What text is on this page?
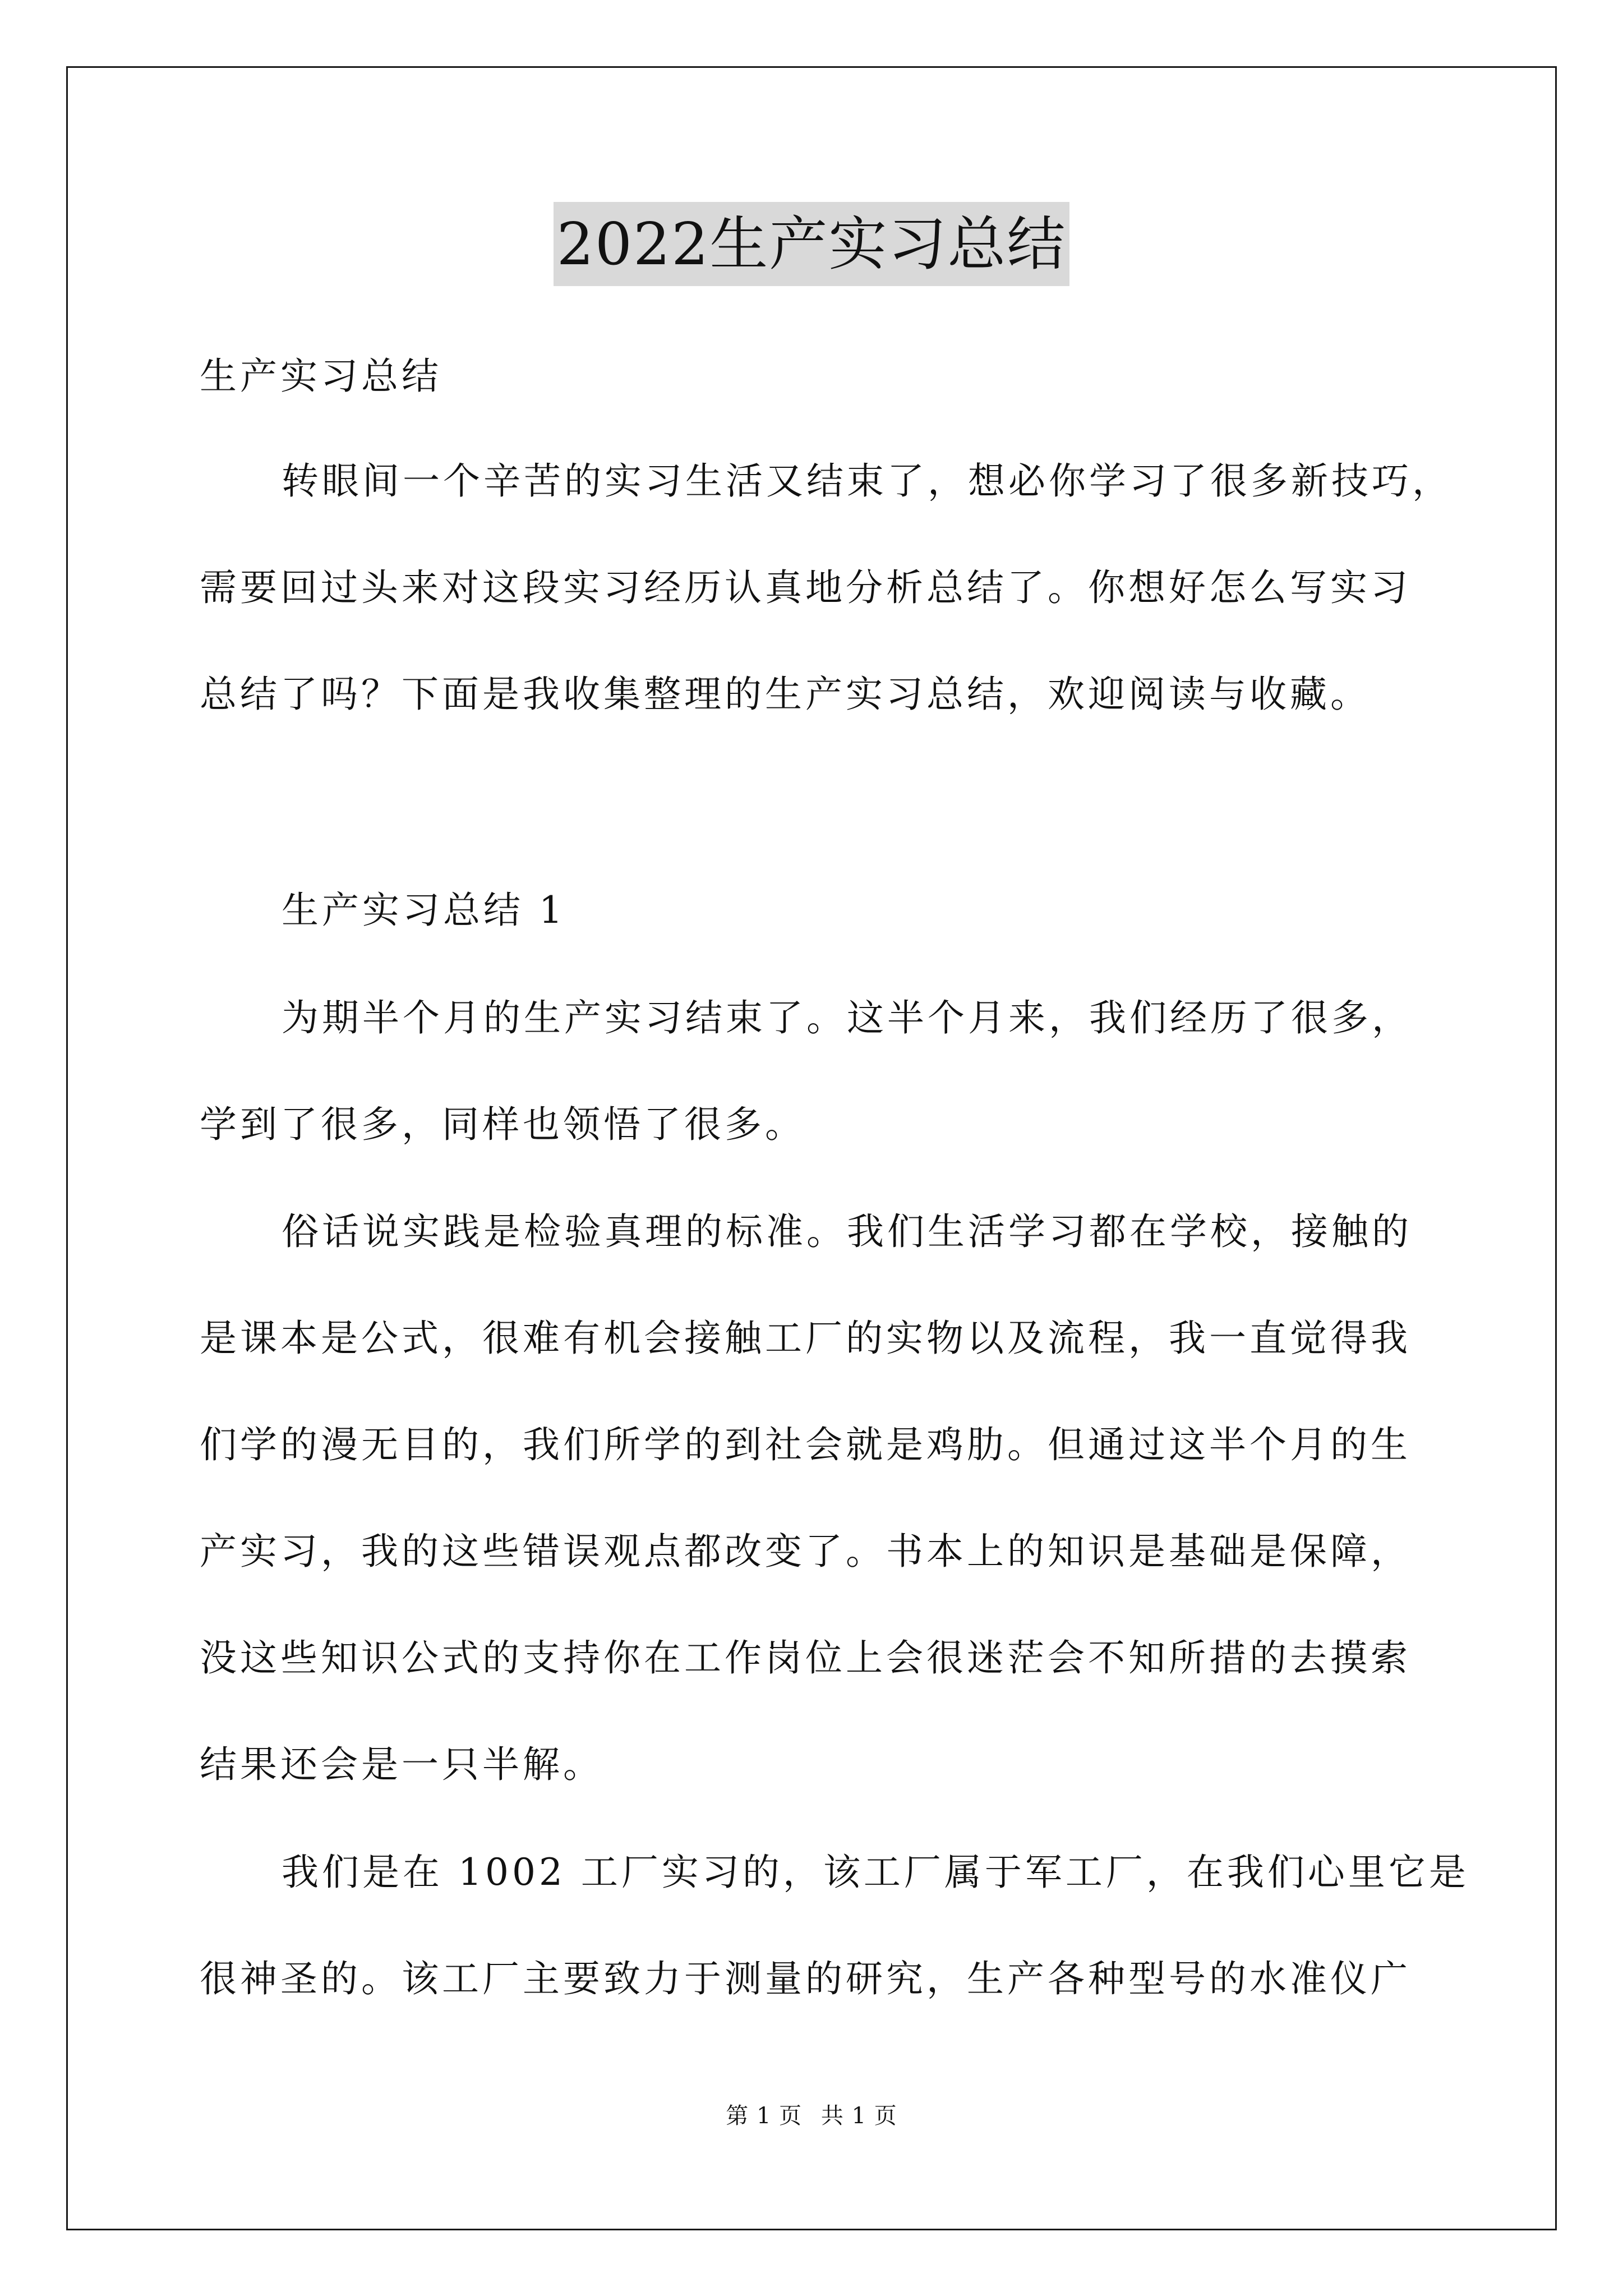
2022生产实习总结
生产实习总结
转眼间一个辛苦的实习生活又结束了，想必你学习了很多新技巧，
需要回过头来对这段实习经历认真地分析总结了。你想好怎么写实习
总结了吗？下面是我收集整理的生产实习总结，欢迎阅读与收藏。
生产实习总结 1
为期半个月的生产实习结束了。这半个月来，我们经历了很多，
学到了很多，同样也领悟了很多。
俗话说实践是检验真理的标准。我们生活学习都在学校，接触的
是课本是公式，很难有机会接触工厂的实物以及流程，我一直觉得我
们学的漫无目的，我们所学的到社会就是鸡肋。但通过这半个月的生
产实习，我的这些错误观点都改变了。书本上的知识是基础是保障，
没这些知识公式的支持你在工作岗位上会很迷茫会不知所措的去摸索
结果还会是一只半解。
我们是在 1002 工厂实习的，该工厂属于军工厂，在我们心里它是
很神圣的。该工厂主要致力于测量的研究，生产各种型号的水准仪广
第 1 页 共 1 页
